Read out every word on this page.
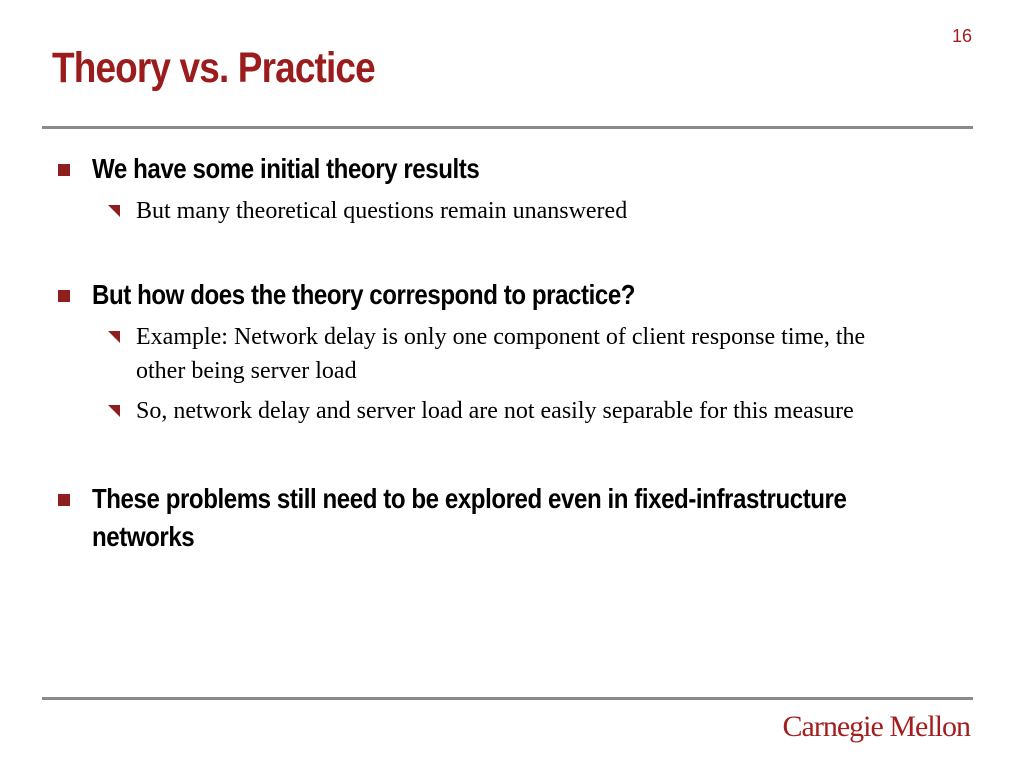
16
Theory vs. Practice
We have some initial theory results
But many theoretical questions remain unanswered
But how does the theory correspond to practice?
Example: Network delay is only one component of client response time, the other being server load
So, network delay and server load are not easily separable for this measure
These problems still need to be explored even in fixed-infrastructure networks
Carnegie Mellon
